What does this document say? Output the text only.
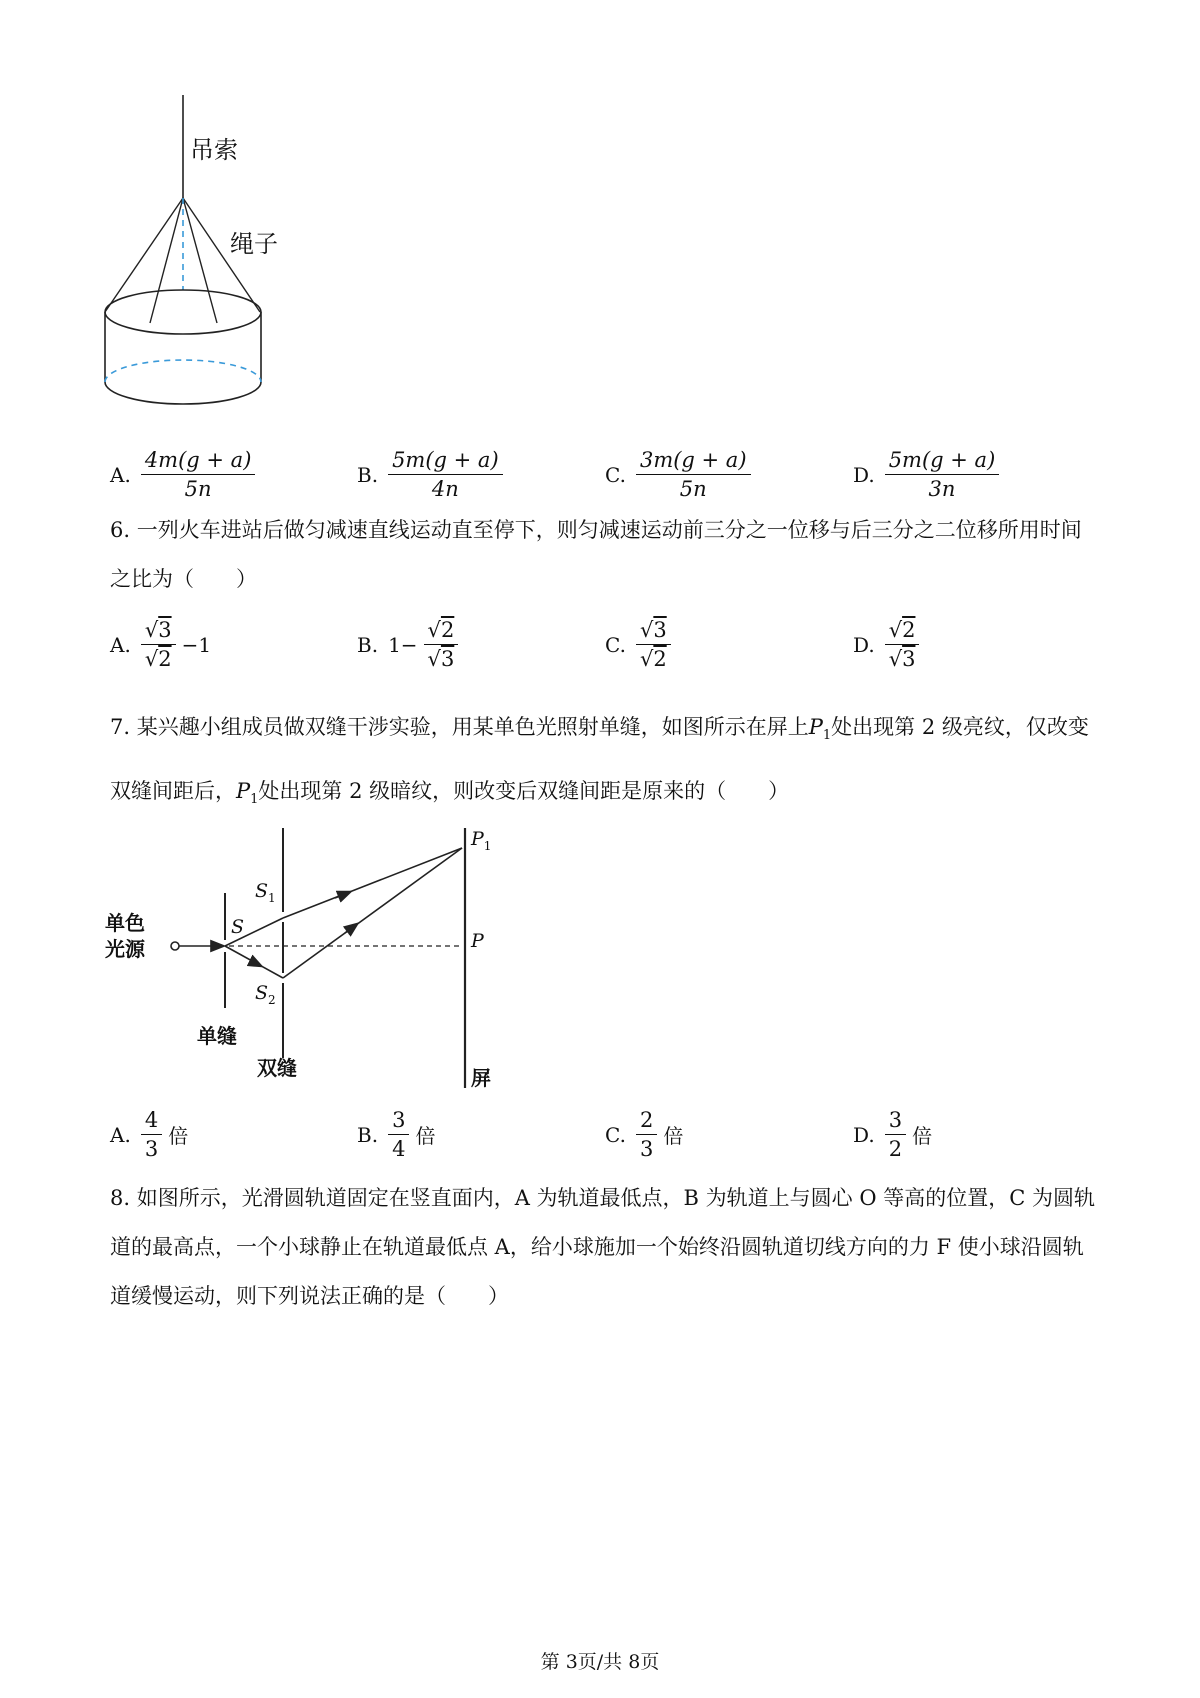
吊索
绳子
A. $\frac{4m(g + a)}{5n}$	B. $\frac{5m(g + a)}{4n}$	C. $\frac{3m(g + a)}{5n}$	D. $\frac{5m(g + a)}{3n}$
6. 一列火车进站后做匀减速直线运动直至停下，则匀减速运动前三分之一位移与后三分之二位移所用时间
之比为（　　）
A. $\frac{√3}{√2} -1$	B. $1- \frac{√2}{√3}$	C. $\frac{√3}{√2}$	D. $\frac{√2}{√3}$
7. 某兴趣小组成员做双缝干涉实验，用某单色光照射单缝，如图所示在屏上$P_1$处出现第 2 级亮纹，仅改变
双缝间距后，$P_1$处出现第 2 级暗纹，则改变后双缝间距是原来的（　　）
单色
光源
单缝
双缝	屏
S
$S_1$
$S_2$
$P_1$
P
A. $\frac{4}{3}$ 倍	B. $\frac{3}{4}$ 倍	C. $\frac{2}{3}$ 倍	D. $\frac{3}{2}$ 倍
8. 如图所示，光滑圆轨道固定在竖直面内，A 为轨道最低点，B 为轨道上与圆心 O 等高的位置，C 为圆轨
道的最高点，一个小球静止在轨道最低点 A，给小球施加一个始终沿圆轨道切线方向的力 F 使小球沿圆轨
道缓慢运动，则下列说法正确的是（　　）
第 3页/共 8页
